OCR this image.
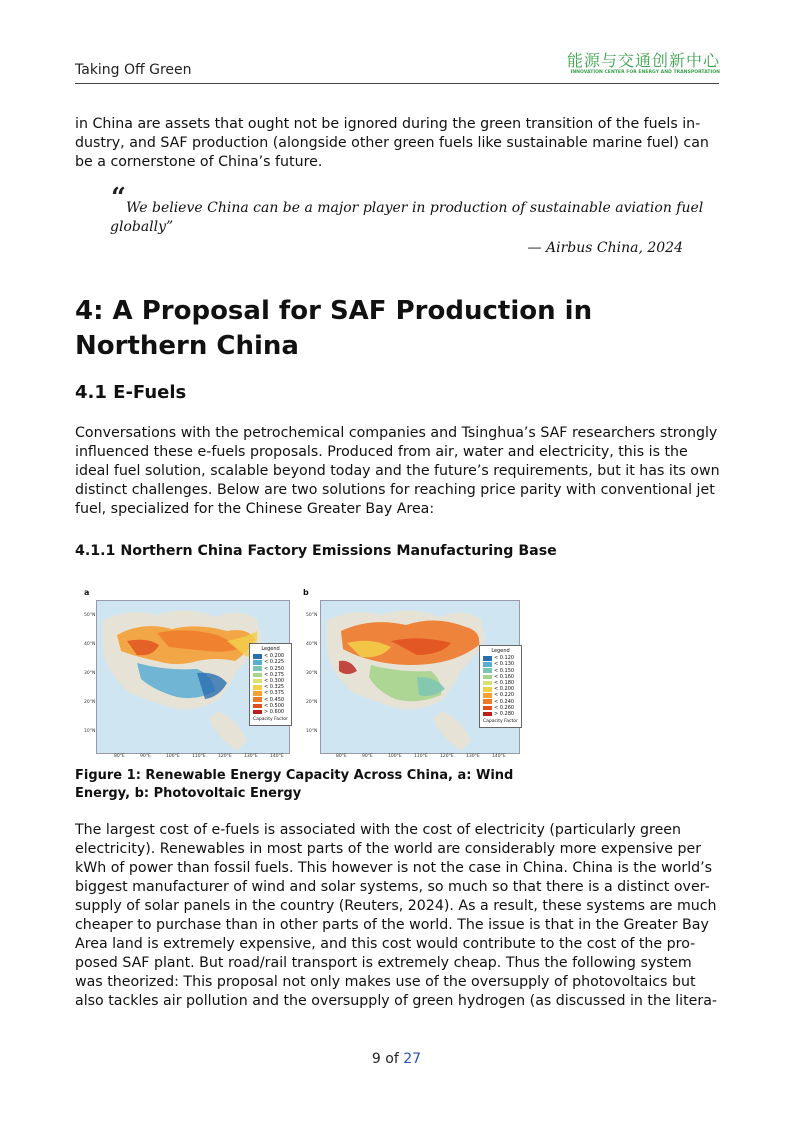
Taking Off Green	能源与交通创新中心
INNOVATION CENTER FOR ENERGY AND TRANSPORTATION
in China are assets that ought not be ignored during the green transition of the fuels in-
dustry, and SAF production (alongside other green fuels like sustainable marine fuel) can
be a cornerstone of China’s future.
“ We believe China can be a major player in production of sustainable aviation fuel
globally”
— Airbus China, 2024
4: A Proposal for SAF Production in Northern China
4.1 E-Fuels
Conversations with the petrochemical companies and Tsinghua’s SAF researchers strongly
influenced these e-fuels proposals. Produced from air, water and electricity, this is the
ideal fuel solution, scalable beyond today and the future’s requirements, but it has its own
distinct challenges. Below are two solutions for reaching price parity with conventional jet
fuel, specialized for the Chinese Greater Bay Area:
4.1.1 Northern China Factory Emissions Manufacturing Base
a
Legend
< 0.200
< 0.225
< 0.250
< 0.275
< 0.300
< 0.325
< 0.375
< 0.450
< 0.500
> 0.600
Capacity Factor
50°N
40°N
30°N
20°N
10°N
80°E	90°E	100°E	110°E	120°E	130°E	140°E
b
Legend
< 0.120
< 0.130
< 0.150
< 0.160
< 0.180
< 0.200
< 0.220
< 0.240
< 0.260
> 0.280
Capacity Factor
50°N
40°N
30°N
20°N
10°N
80°E	90°E	100°E	110°E	120°E	130°E	140°E
Figure 1: Renewable Energy Capacity Across China, a: Wind
Energy, b: Photovoltaic Energy
The largest cost of e-fuels is associated with the cost of electricity (particularly green
electricity). Renewables in most parts of the world are considerably more expensive per
kWh of power than fossil fuels. This however is not the case in China. China is the world’s
biggest manufacturer of wind and solar systems, so much so that there is a distinct over-
supply of solar panels in the country (Reuters, 2024). As a result, these systems are much
cheaper to purchase than in other parts of the world. The issue is that in the Greater Bay
Area land is extremely expensive, and this cost would contribute to the cost of the pro-
posed SAF plant. But road/rail transport is extremely cheap. Thus the following system
was theorized: This proposal not only makes use of the oversupply of photovoltaics but
also tackles air pollution and the oversupply of green hydrogen (as discussed in the litera-
9 of 27
